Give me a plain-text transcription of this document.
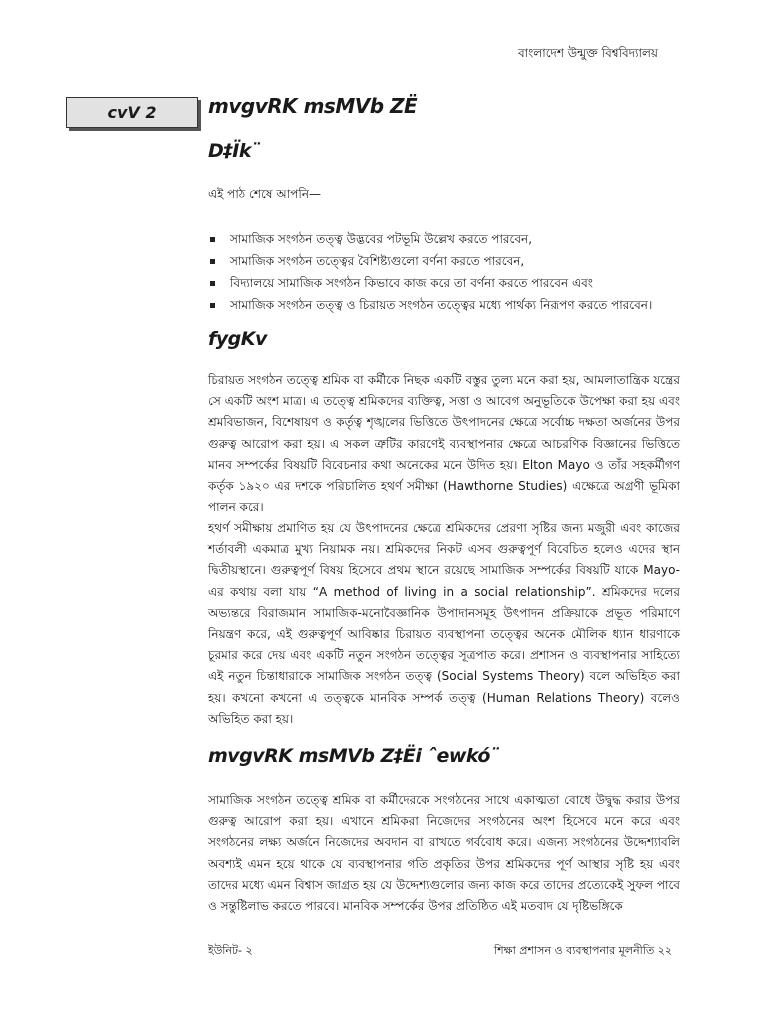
বাংলাদেশ উন্মুক্ত বিশ্ববিদ্যালয়
cvV 2	mvgvRK msMVb ZË
D‡Ïk¨
এই পাঠ শেষে আপনি—
সামাজিক সংগঠন তত্ত্ব উদ্ভবের পটভূমি উল্লেখ করতে পারবেন,
সামাজিক সংগঠন তত্ত্বের বৈশিষ্ট্যগুলো বর্ণনা করতে পারবেন,
বিদ্যালয়ে সামাজিক সংগঠন কিভাবে কাজ করে তা বর্ণনা করতে পারবেন এবং
সামাজিক সংগঠন তত্ত্ব ও চিরায়ত সংগঠন তত্ত্বের মধ্যে পার্থক্য নিরূপণ করতে পারবেন।
fygKv

চিরায়ত সংগঠন তত্ত্বে শ্রমিক বা কর্মীকে নিছক একটি বস্তুর তুল্য মনে করা হয়, আমলাতান্ত্রিক যন্ত্রের সে একটি অংশ মাত্র। এ তত্ত্বে শ্রমিকদের ব্যক্তিত্ব, সত্তা ও আবেগ অনুভূতিকে উপেক্ষা করা হয় এবং শ্রমবিভাজন, বিশেষায়ণ ও কর্তৃত্ব শৃঙ্খলের ভিত্তিতে উৎপাদনের ক্ষেত্রে সর্বোচ্চ দক্ষতা অর্জনের উপর গুরুত্ব আরোপ করা হয়। এ সকল ত্রুটির কারণেই ব্যবস্থাপনার ক্ষেত্রে আচরণিক বিজ্ঞানের ভিত্তিতে মানব সম্পর্কের বিষয়টি বিবেচনার কথা অনেকের মনে উদিত হয়। Elton Mayo ও তাঁর সহকর্মীগণ কর্তৃক ১৯২০ এর দশকে পরিচালিত হথর্ণ সমীক্ষা (Hawthorne Studies) এক্ষেত্রে অগ্রণী ভূমিকা পালন করে।

হথর্ণ সমীক্ষায় প্রমাণিত হয় যে উৎপাদনের ক্ষেত্রে শ্রমিকদের প্রেরণা সৃষ্টির জন্য মজুরী এবং কাজের শর্তাবলী একমাত্র মুখ্য নিয়ামক নয়। শ্রমিকদের নিকট এসব গুরুত্বপূর্ণ বিবেচিত হলেও এদের স্থান দ্বিতীয়স্থানে। গুরুত্বপূর্ণ বিষয় হিসেবে প্রথম স্থানে রয়েছে সামাজিক সম্পর্কের বিষয়টি যাকে Mayo-এর কথায় বলা যায় “A method of living in a social relationship”. শ্রমিকদের দলের অভ্যন্তরে বিরাজমান সামাজিক-মনোবৈজ্ঞানিক উপাদানসমূহ উৎপাদন প্রক্রিয়াকে প্রভূত পরিমাণে নিয়ন্ত্রণ করে, এই গুরুত্বপূর্ণ আবিষ্কার চিরায়ত ব্যবস্থাপনা তত্ত্বের অনেক মৌলিক ধ্যান ধারণাকে চূরমার করে দেয় এবং একটি নতুন সংগঠন তত্ত্বের সূত্রপাত করে। প্রশাসন ও ব্যবস্থাপনার সাহিত্যে এই নতুন চিন্তাধারাকে সামাজিক সংগঠন তত্ত্ব (Social Systems Theory) বলে অভিহিত করা হয়। কখনো কখনো এ তত্ত্বকে মানবিক সম্পর্ক তত্ত্ব (Human Relations Theory) বলেও অভিহিত করা হয়।

mvgvRK msMVb Z‡Ëi ˆewkó¨

সামাজিক সংগঠন তত্ত্বে শ্রমিক বা কর্মীদেরকে সংগঠনের সাথে একাত্মতা বোধে উদ্বুদ্ধ করার উপর গুরুত্ব আরোপ করা হয়। এখানে শ্রমিকরা নিজেদের সংগঠনের অংশ হিসেবে মনে করে এবং সংগঠনের লক্ষ্য অর্জনে নিজেদের অবদান বা রাখতে গর্ববোধ করে। এজন্য সংগঠনের উদ্দেশ্যাবলি অবশ্যই এমন হয়ে থাকে যে ব্যবস্থাপনার গতি প্রকৃতির উপর শ্রমিকদের পূর্ণ আস্থার সৃষ্টি হয় এবং তাদের মধ্যে এমন বিশ্বাস জাগ্রত হয় যে উদ্দেশ্যগুলোর জন্য কাজ করে তাদের প্রত্যেকেই সুফল পাবে ও সন্তুষ্টিলাভ করতে পারবে। মানবিক সম্পর্কের উপর প্রতিষ্ঠিত এই মতবাদ যে দৃষ্টিভঙ্গিকে

ইউনিট- ২	শিক্ষা প্রশাসন ও ব্যবস্থাপনার মূলনীতি ২২
